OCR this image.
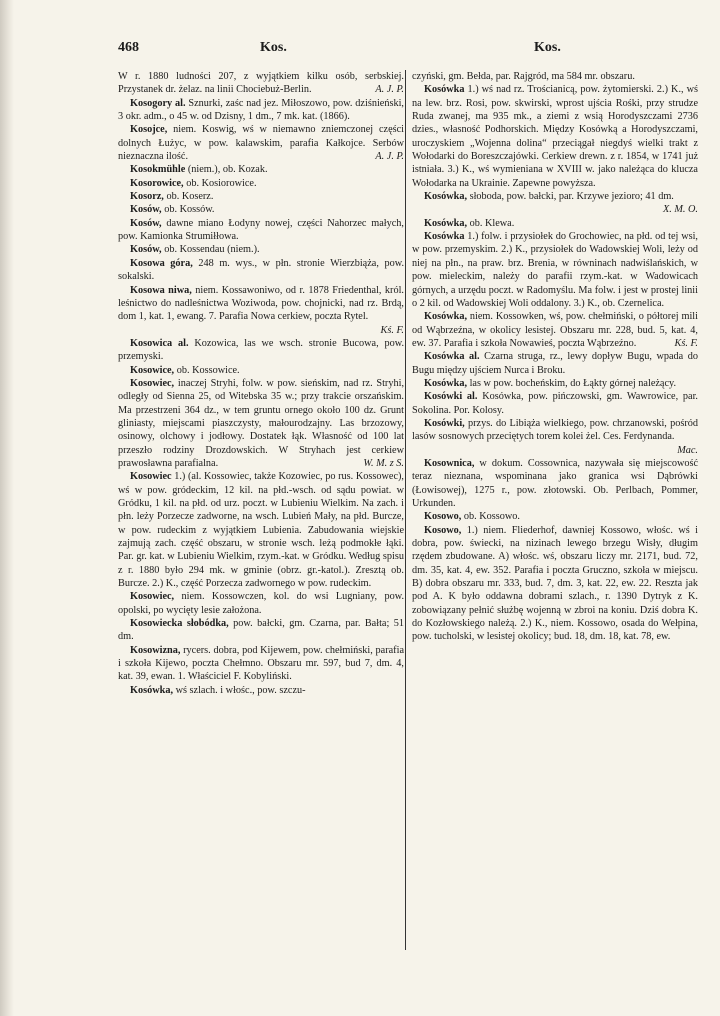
468	Kos.	Kos.

W r. 1880 ludności 207, z wyjątkiem kilku osób, serbskiej. Przystanek dr. żelaz. na linii Chociebuż-Berlin.	A. J. P.

Kosogory al. Sznurki, zaśc nad jez. Miłoszowo, pow. dziśnieński, 3 okr. adm., o 45 w. od Dzisny, 1 dm., 7 mk. kat. (1866).

Kosojce, niem. Koswig, wś w niemawno zniemczonej części dolnych Łużyc, w pow. kalawskim, parafia Kałkojce. Serbów nieznaczna ilość.	A. J. P.

Kosokmühle (niem.), ob. Kozak.

Kosorowice, ob. Kosiorowice.

Kosorz, ob. Koserz.

Kosów, ob. Kossów.

Kosów, dawne miano Łodyny nowej, części Nahorzec małych, pow. Kamionka Strumiłłowa.

Kosów, ob. Kossendau (niem.).

Kosowa góra, 248 m. wys., w płn. stronie Wierzbiąża, pow. sokalski.

Kosowa niwa, niem. Kossawoniwo, od r. 1878 Friedenthal, król. leśnictwo do nadleśnictwa Woziwoda, pow. chojnicki, nad rz. Brdą, dom 1, kat. 1, ewang. 7. Parafia Nowa cerkiew, poczta Rytel.
Kś. F.

Kosowica al. Kozowica, las we wsch. stronie Bucowa, pow. przemyski.

Kosowice, ob. Kossowice.

Kosowiec, inaczej Stryhi, folw. w pow. sieńskim, nad rz. Stryhi, odległy od Sienna 25, od Witebska 35 w.; przy trakcie orszańskim. Ma przestrzeni 364 dz., w tem gruntu ornego około 100 dz. Grunt gliniasty, miejscami piaszczysty, małourodzajny. Las brzozowy, osinowy, olchowy i jodłowy. Dostatek łąk. Własność od 100 lat przeszło rodziny Drozdowskich. W Stryhach jest cerkiew prawosławna parafialna.	W. M. z S.

Kosowiec 1.) (al. Kossowiec, także Kozowiec, po rus. Kossowec), wś w pow. gródeckim, 12 kil. na płd.-wsch. od sądu powiat. w Gródku, 1 kil. na płd. od urz. poczt. w Lubieniu Wielkim. Na zach. i płn. leży Porzecze zadworne, na wsch. Lubień Mały, na płd. Burcze, w pow. rudeckim z wyjątkiem Lubienia. Zabudowania wiejskie zajmują zach. część obszaru, w stronie wsch. leżą podmokłe łąki. Par. gr. kat. w Lubieniu Wielkim, rzym.-kat. w Gródku. Według spisu z r. 1880 było 294 mk. w gminie (obrz. gr.-katol.). Zresztą ob. Burcze. 2.) K., część Porzecza zadwornego w pow. rudeckim.

Kosowiec, niem. Kossowczen, kol. do wsi Lugniany, pow. opolski, po wycięty lesie założona.

Kosowiecka słobódka, pow. bałcki, gm. Czarna, par. Bałta; 51 dm.

Kosowizna, rycers. dobra, pod Kijewem, pow. chełmiński, parafia i szkoła Kijewo, poczta Chełmno. Obszaru mr. 597, bud 7, dm. 4, kat. 39, ewan. 1. Właściciel F. Kobyliński.

Kosówka, wś szlach. i włośc., pow. szczu-

czyński, gm. Bełda, par. Rajgród, ma 584 mr. obszaru.

Kosówka 1.) wś nad rz. Trościanicą, pow. żytomierski. 2.) K., wś na lew. brz. Rosi, pow. skwirski, wprost ujścia Rośki, przy strudze Ruda zwanej, ma 935 mk., a ziemi z wsią Horodyszczami 2736 dzies., własność Podhorskich. Między Kosówką a Horodyszczami, uroczyskiem „Wojenna dolina“ przeciągał niegdyś wielki trakt z Wołodarki do Boreszczajówki. Cerkiew drewn. z r. 1854, w 1741 już istniała. 3.) K., wś wymieniana w XVIII w. jako należąca do klucza Wołodarka na Ukrainie. Zapewne powyższa.

Kosówka, słoboda, pow. bałcki, par. Krzywe jezioro; 41 dm.
X. M. O.

Kosówka, ob. Klewa.

Kosówka 1.) folw. i przysiołek do Grochowiec, na płd. od tej wsi, w pow. przemyskim. 2.) K., przysiołek do Wadowskiej Woli, leży od niej na płn., na praw. brz. Brenia, w równinach nadwiślańskich, w pow. mieleckim, należy do parafii rzym.-kat. w Wadowicach górnych, a urzędu poczt. w Radomyślu. Ma folw. i jest w prostej linii o 2 kil. od Wadowskiej Woli oddalony. 3.) K., ob. Czernelica.

Kosówka, niem. Kossowken, wś, pow. chełmiński, o półtorej mili od Wąbrzeźna, w okolicy lesistej. Obszaru mr. 228, bud. 5, kat. 4, ew. 37. Parafia i szkoła Nowawieś, poczta Wąbrzeźno.	Kś. F.

Kosówka al. Czarna struga, rz., lewy dopływ Bugu, wpada do Bugu między ujściem Nurca i Broku.

Kosówka, las w pow. bocheńskim, do Łąkty górnej należący.

Kosówki al. Kosówka, pow. pińczowski, gm. Wawrowice, par. Sokolina. Por. Kolosy.

Kosówki, przys. do Libiąża wielkiego, pow. chrzanowski, pośród lasów sosnowych przeciętych torem kolei żel. Ces. Ferdynanda.
Mac.

Kosownica, w dokum. Cossownica, nazywała się miejscowość teraz nieznana, wspominana jako granica wsi Dąbrówki (Łowisowej), 1275 r., pow. złotowski. Ob. Perlbach, Pommer, Urkunden.

Kosowo, ob. Kossowo.

Kosowo, 1.) niem. Fliederhof, dawniej Kossowo, włośc. wś i dobra, pow. świecki, na nizinach lewego brzegu Wisły, długim rzędem zbudowane. A) włośc. wś, obszaru liczy mr. 2171, bud. 72, dm. 35, kat. 4, ew. 352. Parafia i poczta Gruczno, szkoła w miejscu. B) dobra obszaru mr. 333, bud. 7, dm. 3, kat. 22, ew. 22. Reszta jak pod A. K było oddawna dobrami szlach., r. 1390 Dytryk z K. zobowiązany pełnić służbę wojenną w zbroi na koniu. Dziś dobra K. do Kozłowskiego należą. 2.) K., niem. Kossowo, osada do Wełpina, pow. tucholski, w lesistej okolicy; bud. 18, dm. 18, kat. 78, ew.
